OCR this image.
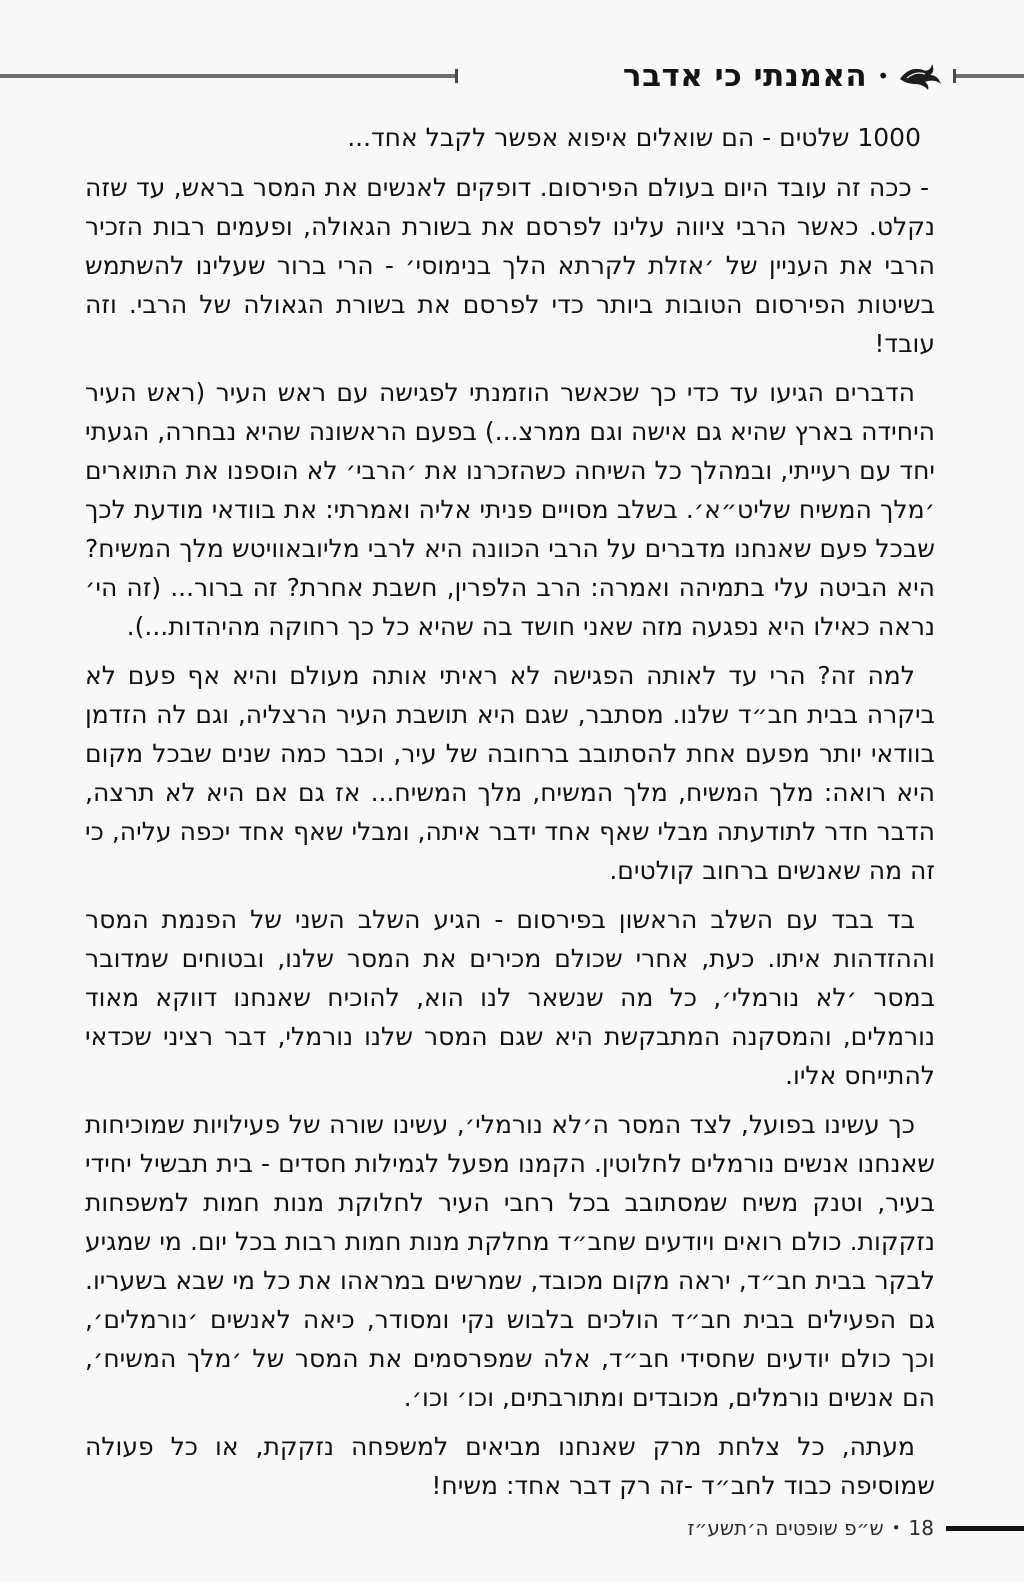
האמנתי כי אדבר •

1000 שלטים - הם שואלים איפוא אפשר לקבל אחד...

- ככה זה עובד היום בעולם הפירסום. דופקים לאנשים את המסר בראש, עד שזה נקלט. כאשר הרבי ציווה עלינו לפרסם את בשורת הגאולה, ופעמים רבות הזכיר הרבי את העניין של ׳אזלת לקרתא הלך בנימוסי׳ - הרי ברור שעלינו להשתמש בשיטות הפירסום הטובות ביותר כדי לפרסם את בשורת הגאולה של הרבי. וזה עובד!

הדברים הגיעו עד כדי כך שכאשר הוזמנתי לפגישה עם ראש העיר (ראש העיר היחידה בארץ שהיא גם אישה וגם ממרצ...) בפעם הראשונה שהיא נבחרה, הגעתי יחד עם רעייתי, ובמהלך כל השיחה כשהזכרנו את ׳הרבי׳ לא הוספנו את התוארים ׳מלך המשיח שליט״א׳. בשלב מסויים פניתי אליה ואמרתי: את בוודאי מודעת לכך שבכל פעם שאנחנו מדברים על הרבי הכוונה היא לרבי מליובאוויטש מלך המשיח? היא הביטה עלי בתמיהה ואמרה: הרב הלפרין, חשבת אחרת? זה ברור... (זה הי׳ נראה כאילו היא נפגעה מזה שאני חושד בה שהיא כל כך רחוקה מהיהדות...).

למה זה? הרי עד לאותה הפגישה לא ראיתי אותה מעולם והיא אף פעם לא ביקרה בבית חב״ד שלנו. מסתבר, שגם היא תושבת העיר הרצליה, וגם לה הזדמן בוודאי יותר מפעם אחת להסתובב ברחובה של עיר, וכבר כמה שנים שבכל מקום היא רואה: מלך המשיח, מלך המשיח, מלך המשיח... אז גם אם היא לא תרצה, הדבר חדר לתודעתה מבלי שאף אחד ידבר איתה, ומבלי שאף אחד יכפה עליה, כי זה מה שאנשים ברחוב קולטים.

בד בבד עם השלב הראשון בפירסום - הגיע השלב השני של הפנמת המסר וההזדהות איתו. כעת, אחרי שכולם מכירים את המסר שלנו, ובטוחים שמדובר במסר ׳לא נורמלי׳, כל מה שנשאר לנו הוא, להוכיח שאנחנו דווקא מאוד נורמלים, והמסקנה המתבקשת היא שגם המסר שלנו נורמלי, דבר רציני שכדאי להתייחס אליו.

כך עשינו בפועל, לצד המסר ה׳לא נורמלי׳, עשינו שורה של פעילויות שמוכיחות שאנחנו אנשים נורמלים לחלוטין. הקמנו מפעל לגמילות חסדים - בית תבשיל יחידי בעיר, וטנק משיח שמסתובב בכל רחבי העיר לחלוקת מנות חמות למשפחות נזקקות. כולם רואים ויודעים שחב״ד מחלקת מנות חמות רבות בכל יום. מי שמגיע לבקר בבית חב״ד, יראה מקום מכובד, שמרשים במראהו את כל מי שבא בשעריו. גם הפעילים בבית חב״ד הולכים בלבוש נקי ומסודר, כיאה לאנשים ׳נורמלים׳, וכך כולם יודעים שחסידי חב״ד, אלה שמפרסמים את המסר של ׳מלך המשיח׳, הם אנשים נורמלים, מכובדים ומתורבתים, וכו׳ וכו׳.

מעתה, כל צלחת מרק שאנחנו מביאים למשפחה נזקקת, או כל פעולה שמוסיפה כבוד לחב״ד -זה רק דבר אחד: משיח!

ש״פ שופטים ה׳תשע״ז • 18
